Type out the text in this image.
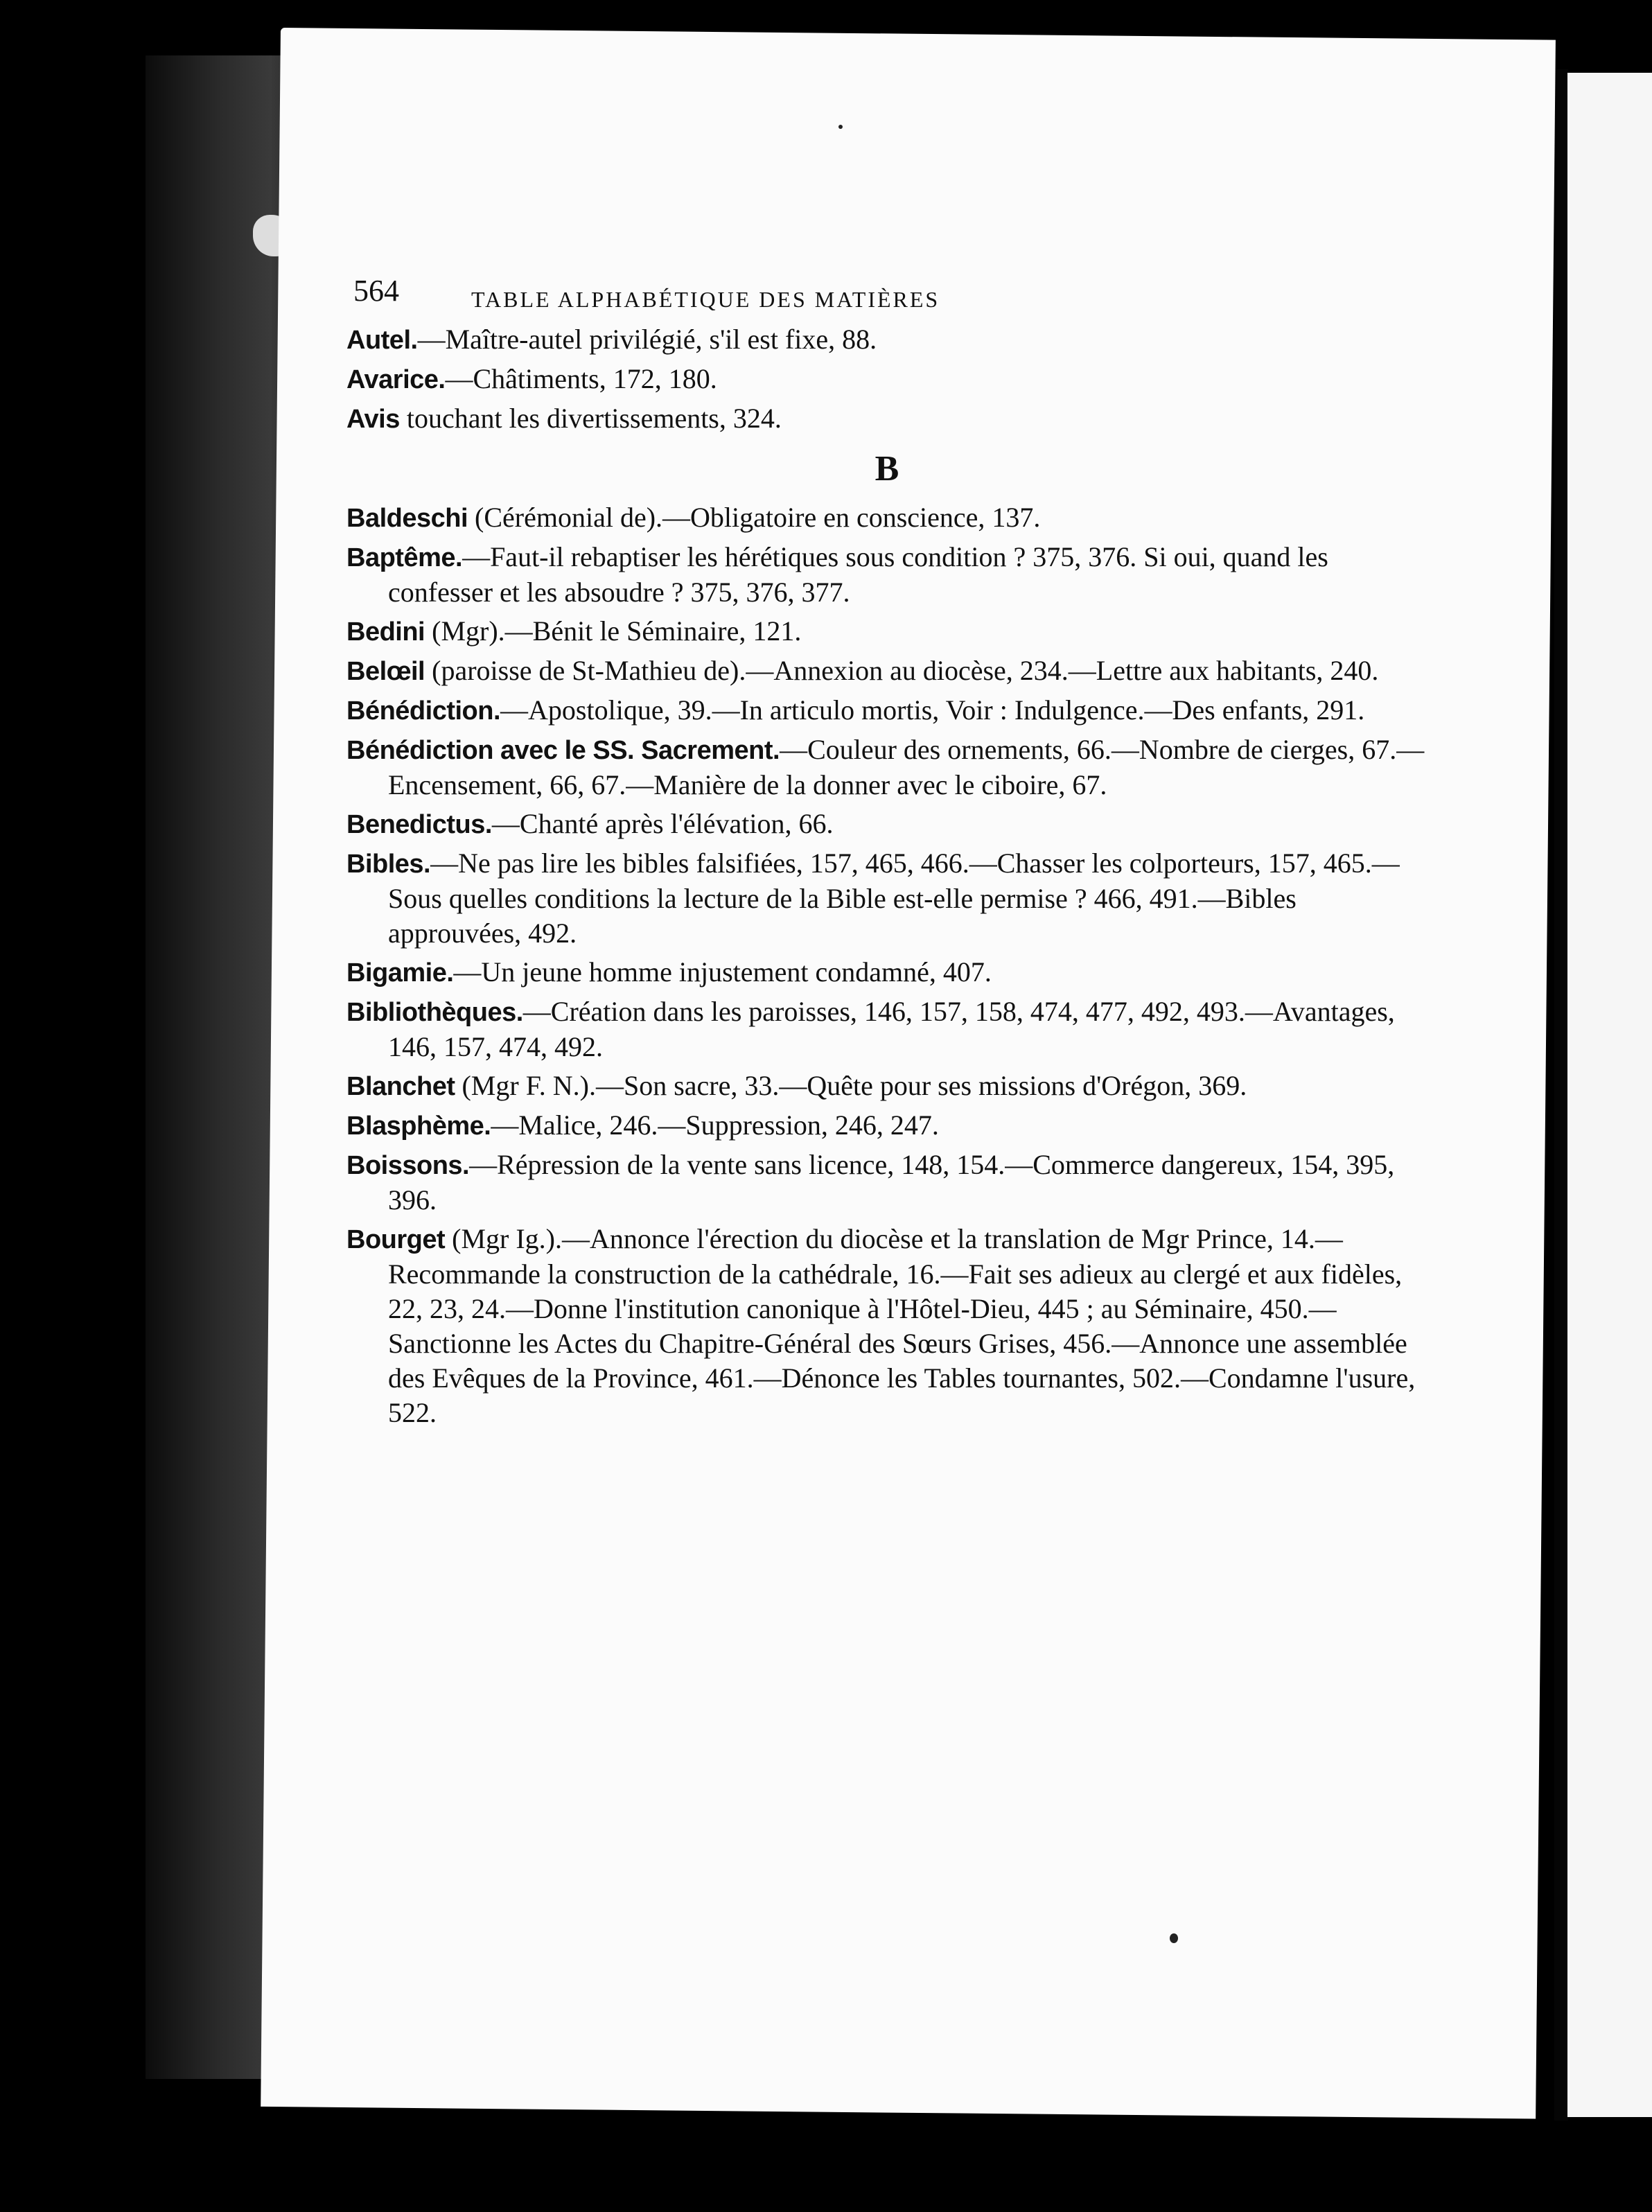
564	TABLE ALPHABÉTIQUE DES MATIÈRES
Autel.—Maître-autel privilégié, s'il est fixe, 88.
Avarice.—Châtiments, 172, 180.
Avis touchant les divertissements, 324.
B
Baldeschi (Cérémonial de).—Obligatoire en conscience, 137.
Baptême.—Faut-il rebaptiser les hérétiques sous condition ? 375, 376. Si oui, quand les confesser et les absoudre ? 375, 376, 377.
Bedini (Mgr).—Bénit le Séminaire, 121.
Belœil (paroisse de St-Mathieu de).—Annexion au diocèse, 234.—Lettre aux habitants, 240.
Bénédiction.—Apostolique, 39.—In articulo mortis, Voir : Indulgence.—Des enfants, 291.
Bénédiction avec le SS. Sacrement.—Couleur des ornements, 66.—Nombre de cierges, 67.—Encensement, 66, 67.—Manière de la donner avec le ciboire, 67.
Benedictus.—Chanté après l'élévation, 66.
Bibles.—Ne pas lire les bibles falsifiées, 157, 465, 466.—Chasser les colporteurs, 157, 465.—Sous quelles conditions la lecture de la Bible est-elle permise ? 466, 491.—Bibles approuvées, 492.
Bigamie.—Un jeune homme injustement condamné, 407.
Bibliothèques.—Création dans les paroisses, 146, 157, 158, 474, 477, 492, 493.—Avantages, 146, 157, 474, 492.
Blanchet (Mgr F. N.).—Son sacre, 33.—Quête pour ses missions d'Orégon, 369.
Blasphème.—Malice, 246.—Suppression, 246, 247.
Boissons.—Répression de la vente sans licence, 148, 154.—Commerce dangereux, 154, 395, 396.
Bourget (Mgr Ig.).—Annonce l'érection du diocèse et la translation de Mgr Prince, 14.—Recommande la construction de la cathédrale, 16.—Fait ses adieux au clergé et aux fidèles, 22, 23, 24.—Donne l'institution canonique à l'Hôtel-Dieu, 445 ; au Séminaire, 450.—Sanctionne les Actes du Chapitre-Général des Sœurs Grises, 456.—Annonce une assemblée des Evêques de la Province, 461.—Dénonce les Tables tournantes, 502.—Condamne l'usure, 522.
